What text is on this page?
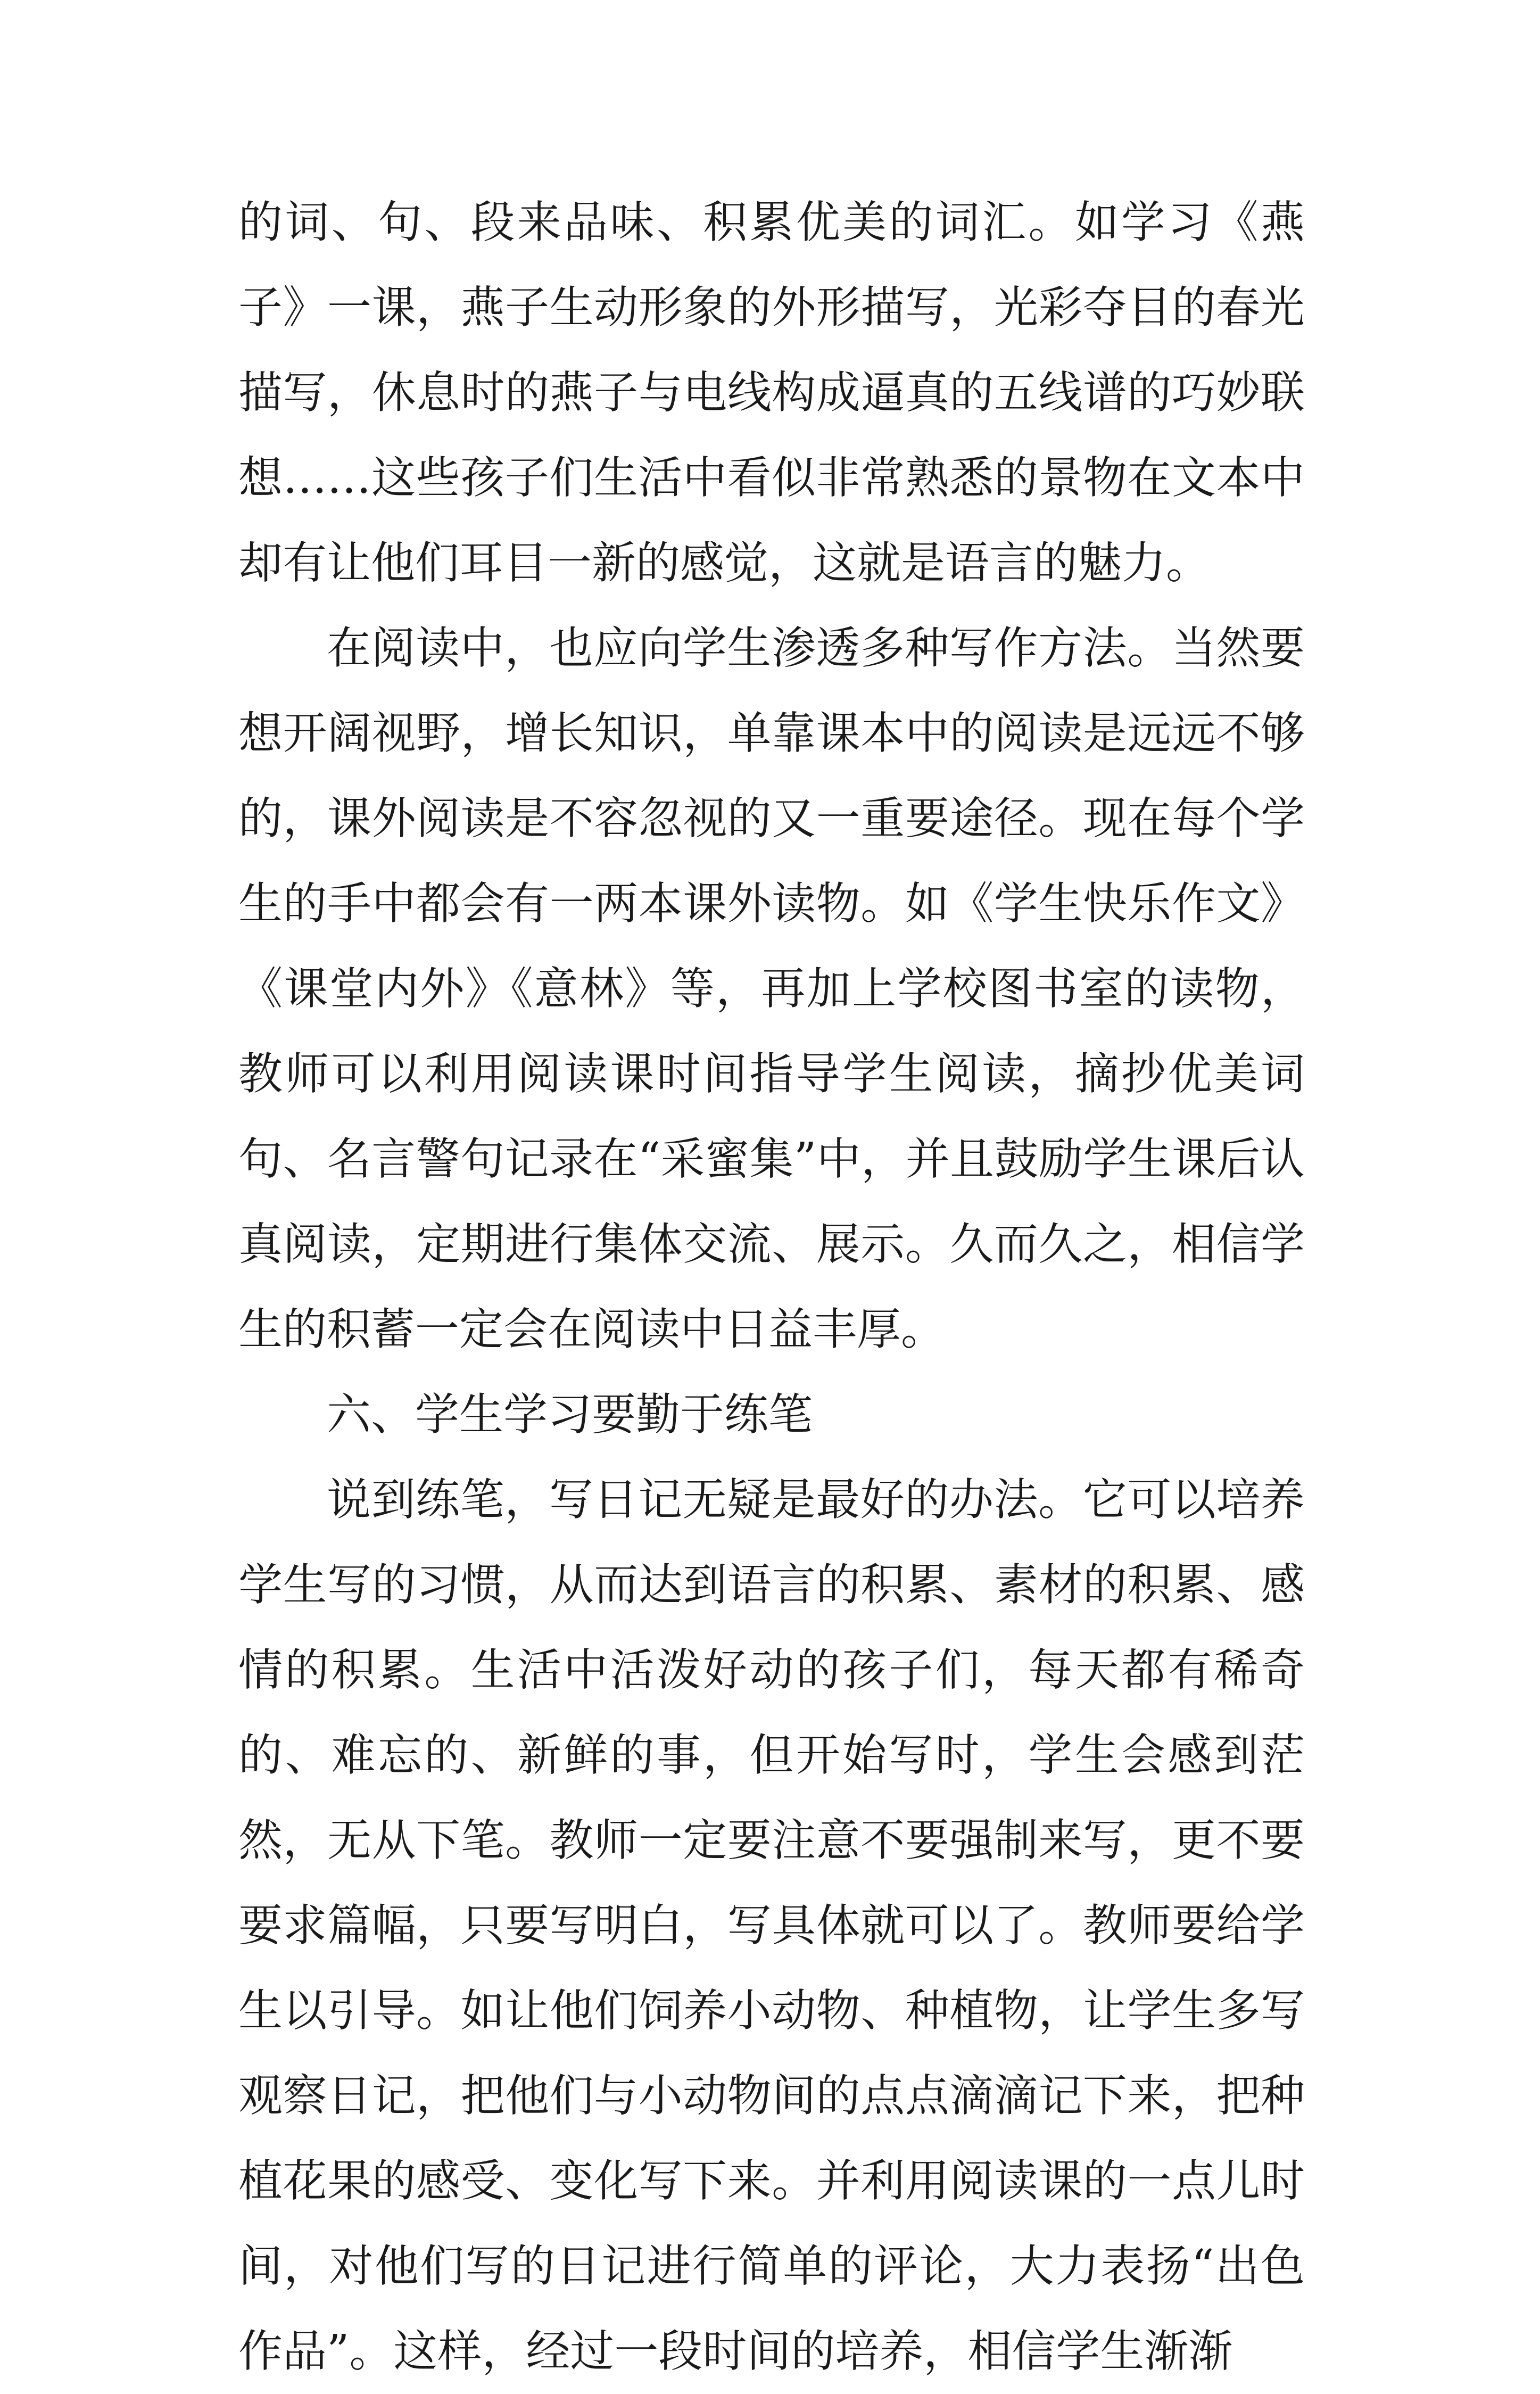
的词、句、段来品味、积累优美的词汇。如学习《燕子》一课，燕子生动形象的外形描写，光彩夺目的春光描写，休息时的燕子与电线构成逼真的五线谱的巧妙联想……这些孩子们生活中看似非常熟悉的景物在文本中却有让他们耳目一新的感觉，这就是语言的魅力。

在阅读中，也应向学生渗透多种写作方法。当然要想开阔视野，增长知识，单靠课本中的阅读是远远不够的，课外阅读是不容忽视的又一重要途径。现在每个学生的手中都会有一两本课外读物。如《学生快乐作文》《课堂内外》《意林》等，再加上学校图书室的读物，教师可以利用阅读课时间指导学生阅读，摘抄优美词句、名言警句记录在“采蜜集”中，并且鼓励学生课后认真阅读，定期进行集体交流、展示。久而久之，相信学生的积蓄一定会在阅读中日益丰厚。

六、学生学习要勤于练笔

说到练笔，写日记无疑是最好的办法。它可以培养学生写的习惯，从而达到语言的积累、素材的积累、感情的积累。生活中活泼好动的孩子们，每天都有稀奇的、难忘的、新鲜的事，但开始写时，学生会感到茫然，无从下笔。教师一定要注意不要强制来写，更不要要求篇幅，只要写明白，写具体就可以了。教师要给学生以引导。如让他们饲养小动物、种植物，让学生多写观察日记，把他们与小动物间的点点滴滴记下来，把种植花果的感受、变化写下来。并利用阅读课的一点儿时间，对他们写的日记进行简单的评论，大力表扬“出色作品”。这样，经过一段时间的培养，相信学生渐渐
